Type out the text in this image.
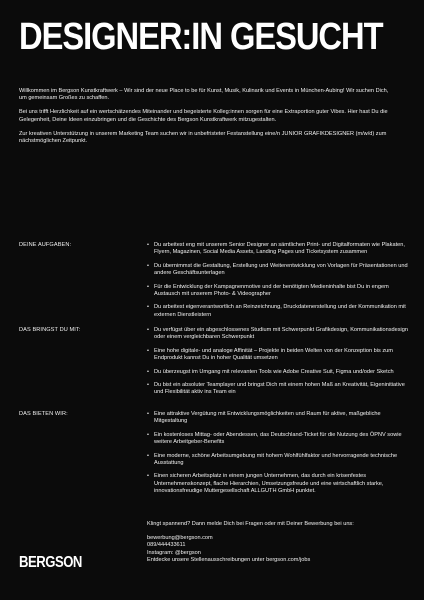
DESIGNER:IN GESUCHT

Willkommen im Bergson Kunstkraftwerk – Wir sind der neue Place to be für Kunst, Musik, Kulinarik und Events in München-Aubing! Wir suchen Dich, um gemeinsam Großes zu schaffen.

Bei uns trifft Herzlichkeit auf ein wertschätzendes Miteinander und begeisterte Kolleg:innen sorgen für eine Extraportion guter Vibes. Hier hast Du die Gelegenheit, Deine Ideen einzubringen und die Geschichte des Bergson Kunstkraftwerk mitzugestalten.

Zur kreativen Unterstützung in unserem Marketing Team suchen wir in unbefristeter Festanstellung eine/n JUNIOR GRAFIKDESIGNER (m/w/d) zum nächstmöglichen Zeitpunkt.

DEINE AUFGABEN:	• Du arbeitest eng mit unserem Senior Designer an sämtlichen Print- und Digitalformaten wie Plakaten, Flyern, Magazinen, Social Media Assets, Landing Pages und Ticketsystem zusammen
• Du übernimmst die Gestaltung, Erstellung und Weiterentwicklung von Vorlagen für Präsentationen und andere Geschäftsunterlagen
• Für die Entwicklung der Kampagnenmotive und der benötigten Medieninhalte bist Du in engem Austausch mit unserem Photo- & Videographer
• Du arbeitest eigenverantwortlich an Reinzeichnung, Druckdatenerstellung und der Kommunikation mit externen Dienstleistern
DAS BRINGST DU MIT:	• Du verfügst über ein abgeschlossenes Studium mit Schwerpunkt Grafikdesign, Kommunikationsdesign oder einem vergleichbaren Schwerpunkt
• Eine hohe digitale- und analoge Affinität – Projekte in beiden Welten von der Konzeption bis zum Endprodukt kannst Du in hoher Qualität umsetzen
• Du überzeugst im Umgang mit relevanten Tools wie Adobe Creative Suit, Figma und/oder Sketch
• Du bist ein absoluter Teamplayer und bringst Dich mit einem hohen Maß an Kreativität, Eigeninitiative und Flexibilität aktiv ins Team ein
DAS BIETEN WIR:	• Eine attraktive Vergütung mit Entwicklungsmöglichkeiten und Raum für aktive, maßgebliche Mitgestaltung
• Ein kostenloses Mittag- oder Abendessen, das Deutschland-Ticket für die Nutzung des ÖPNV sowie weitere Arbeitgeber-Benefits
• Eine moderne, schöne Arbeitsumgebung mit hohem Wohlfühlfaktor und hervorragende technische Ausstattung
• Einen sicheren Arbeitsplatz in einem jungen Unternehmen, das durch ein krisenfestes Unternehmenskonzept, flache Hierarchien, Umsetzungsfreude und eine wirtschaftlich starke, innovationsfreudige Muttergesellschaft ALLGUTH GmbH punktet.

Klingt spannend? Dann melde Dich bei Fragen oder mit Deiner Bewerbung bei uns:

bewerbung@bergson.com
089/444433611
Instagram: @bergson
Entdecke unsere Stellenausschreibungen unter bergson.com/jobs
BERGSON
